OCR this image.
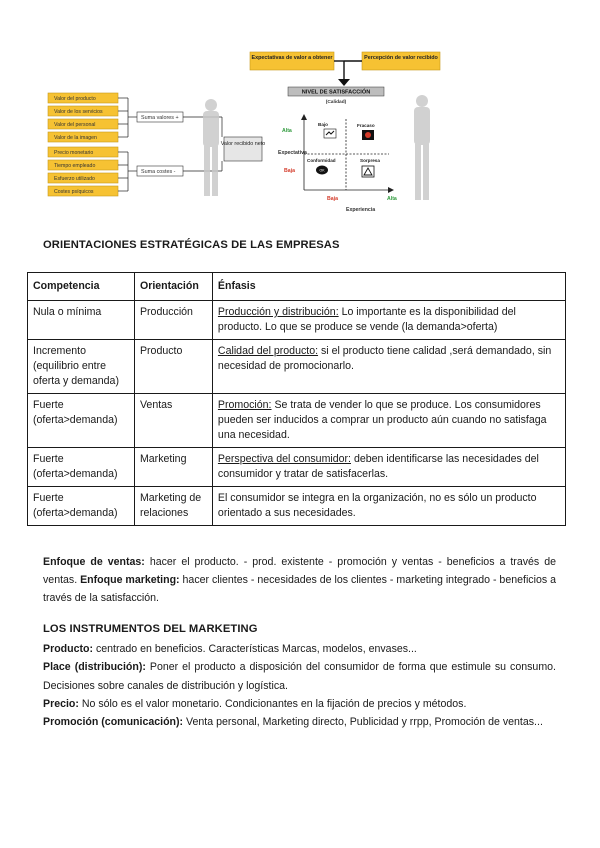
Valor del producto
Valor de los servicios
Valor del personal
Valor de la imagen
Precio monetario
Tiempo empleado
Esfuerzo utilizado
Costes psíquicos
Suma valores +
Suma costes -
Valor recibido neto
Expectativas de valor a obtener	Percepción de valor recibido
NIVEL DE SATISFACCIÓN
(Calidad)
Alta
Expectativa
Baja
Baja	Alta
Experiencia
Bajo	Fracaso
Conformidad	Sorpresa
OK
ORIENTACIONES ESTRATÉGICAS DE LAS EMPRESAS
Competencia	Orientación	Énfasis
Nula o mínima	Producción	Producción y distribución: Lo importante es la disponibilidad del producto. Lo que se produce se vende (la demanda>oferta)
Incremento (equilibrio entre oferta y demanda)	Producto	Calidad del producto: si el producto tiene calidad ,será demandado, sin necesidad de promocionarlo.
Fuerte (oferta>demanda)	Ventas	Promoción: Se trata de vender lo que se produce. Los consumidores pueden ser inducidos a comprar un producto aún cuando no satisfaga una necesidad.
Fuerte (oferta>demanda)	Marketing	Perspectiva del consumidor: deben identificarse las necesidades del consumidor y tratar de satisfacerlas.
Fuerte (oferta>demanda)	Marketing de relaciones	El consumidor se integra en la organización, no es sólo un producto orientado a sus necesidades.
Enfoque de ventas: hacer el producto. - prod. existente - promoción y ventas - beneficios a través de ventas. Enfoque marketing: hacer clientes - necesidades de los clientes - marketing integrado - beneficios a través de la satisfacción.
LOS INSTRUMENTOS DEL MARKETING
Producto: centrado en beneficios. Características Marcas, modelos, envases...
Place (distribución): Poner el producto a disposición del consumidor de forma que estimule su consumo. Decisiones sobre canales de distribución y logística.
Precio: No sólo es el valor monetario. Condicionantes en la fijación de precios y métodos.
Promoción (comunicación): Venta personal, Marketing directo, Publicidad y rrpp, Promoción de ventas...
